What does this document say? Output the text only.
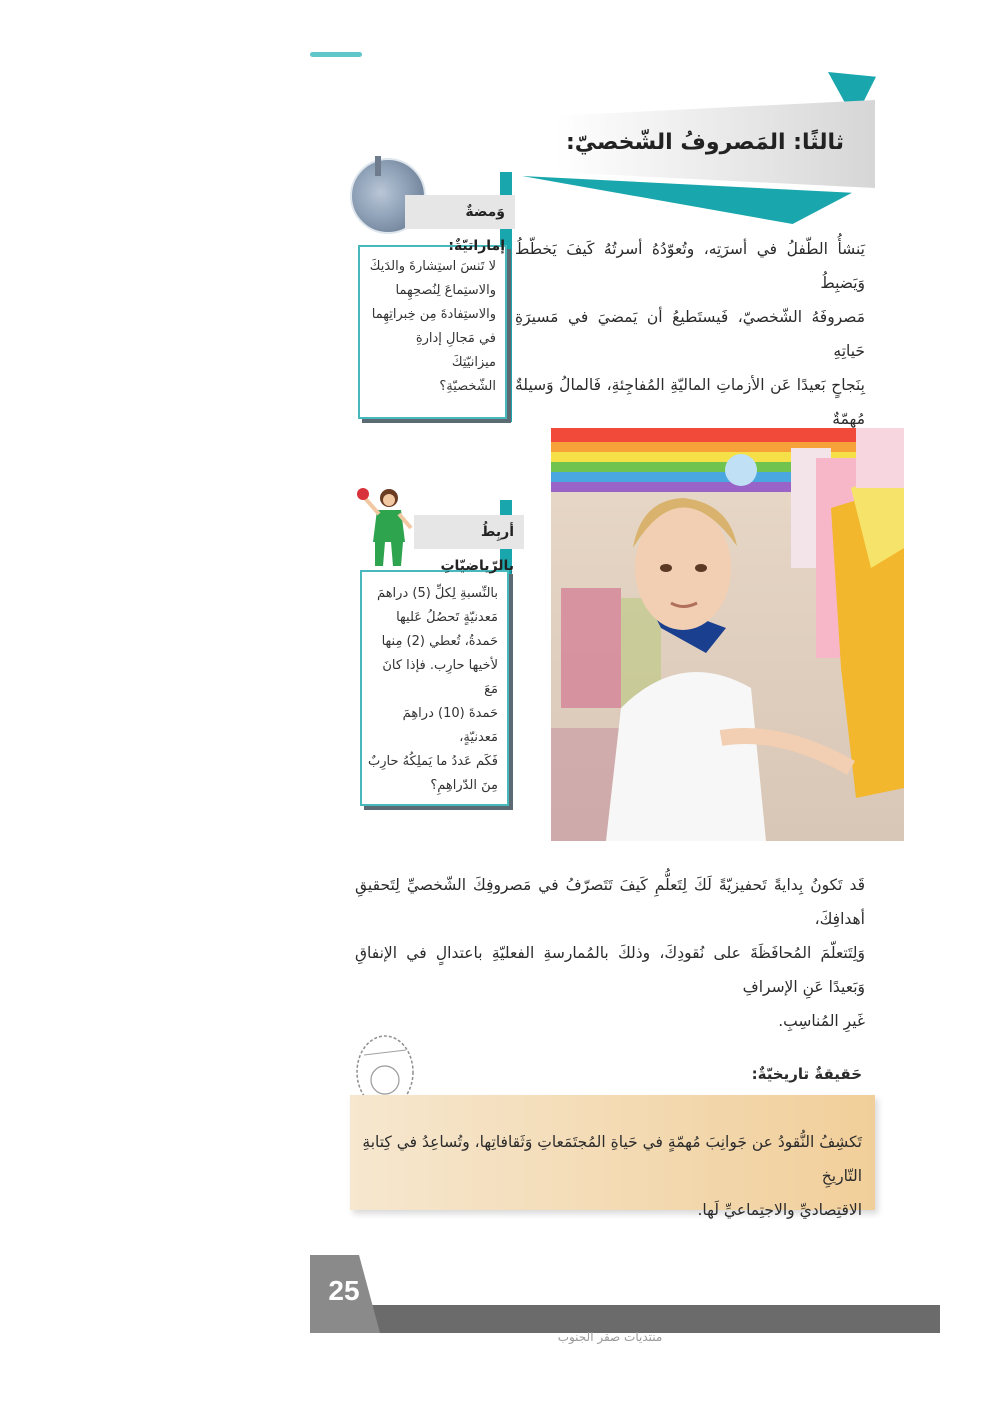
ثالثًا: المَصروفُ الشّخصيّ:

يَنشأُ الطّفلُ في أسرَتِه، وتُعوّدُهُ أسرتُهُ كَيفَ يَخطّطُ وَيَضبِطُ

مَصروفَهُ الشّخصيّ، فَيستَطيعُ أن يَمضيَ في مَسيرَةِ حَياتِهِ

بِنَجاحٍ بَعيدًا عَن الأزماتِ الماليّةِ المُفاجِئةِ، فَالمالُ وَسيلةٌ مُهمّةٌ

وَمضةٌ إماراتيّةٌ:

لا تَنسَ استِشارةَ والدَيكَ

والاستِماعَ لِنُصحِهِما

والاستِفادةَ مِن خِبراتِهِما

في مَجالِ إدارةِ ميزانيّتِكَ

الشّخصيّةِ؟

أربِطُ بالرّياضيّاتِ

بالنِّسبةِ لِكلِّ (5) دراهمَ

مَعدنيّةٍ تَحصُلُ عَليها

حَمدةُ، تُعطي (2) مِنها

لأخيها حارِب. فإذا كانَ مَعَ

حَمدةَ (10) دراهِمَ مَعدنيّةٍ،

فَكَم عَددُ ما يَملِكُهُ حارِبٌ

مِنَ الدّراهِمِ؟

قَد تَكونُ بِدايةً تَحفيزيّةً لَكَ لِتَعلُّمِ كَيفَ تَتَصرّفُ في مَصروفِكَ الشّخصيِّ لِتَحقيقِ أهدافِكَ،

وَلِتَتعلّمَ المُحافَظَةَ على نُقودِكَ، وذلكَ بالمُمارسةِ الفعليّةِ باعتدالٍ في الإنفاقِ وَبَعيدًا عَنِ الإسرافِ

غَيرِ المُناسِبِ.

حَقيقةٌ تاريخيّةٌ:

تَكشِفُ النُّقودُ عن جَوانِبَ مُهمّةٍ في حَياةِ المُجتَمَعاتِ وَثَقافاتِها، وتُساعِدُ في كِتابةِ التّاريخِ

الاقتِصاديِّ والاجتِماعيِّ لَها.

25
منتديات صقر الجنوب
